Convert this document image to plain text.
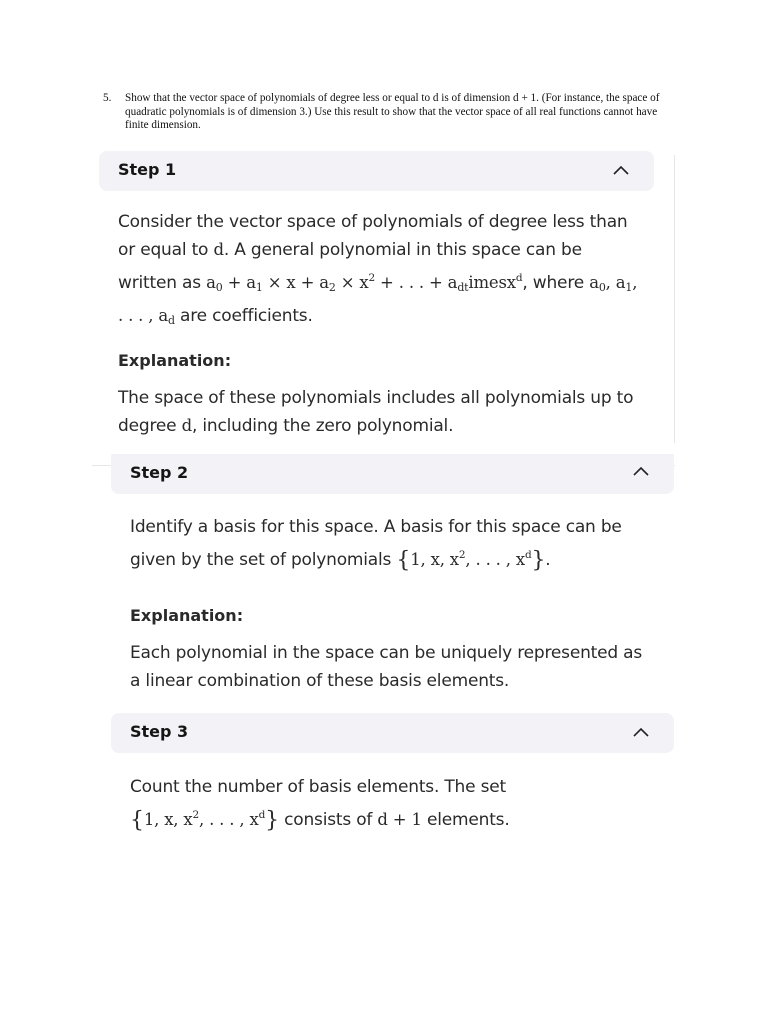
5. Show that the vector space of polynomials of degree less or equal to d is of dimension d + 1. (For instance, the space of quadratic polynomials is of dimension 3.) Use this result to show that the vector space of all real functions cannot have finite dimension.
Step 1
Consider the vector space of polynomials of degree less than or equal to d. A general polynomial in this space can be written as $a_0 + a_1 \times x + a_2 \times x^2$ + . . . + $a_{dt}imesx^d$, where $a_0$, $a_1$, . . . , $a_d$ are coefficients.
Explanation:
The space of these polynomials includes all polynomials up to degree d, including the zero polynomial.
Step 2
Identify a basis for this space. A basis for this space can be given by the set of polynomials {1, x, $x^2$, . . . , $x^d$}.
Explanation:
Each polynomial in the space can be uniquely represented as a linear combination of these basis elements.
Step 3
Count the number of basis elements. The set
{1, x, $x^2$, . . . , $x^d$} consists of d + 1 elements.
